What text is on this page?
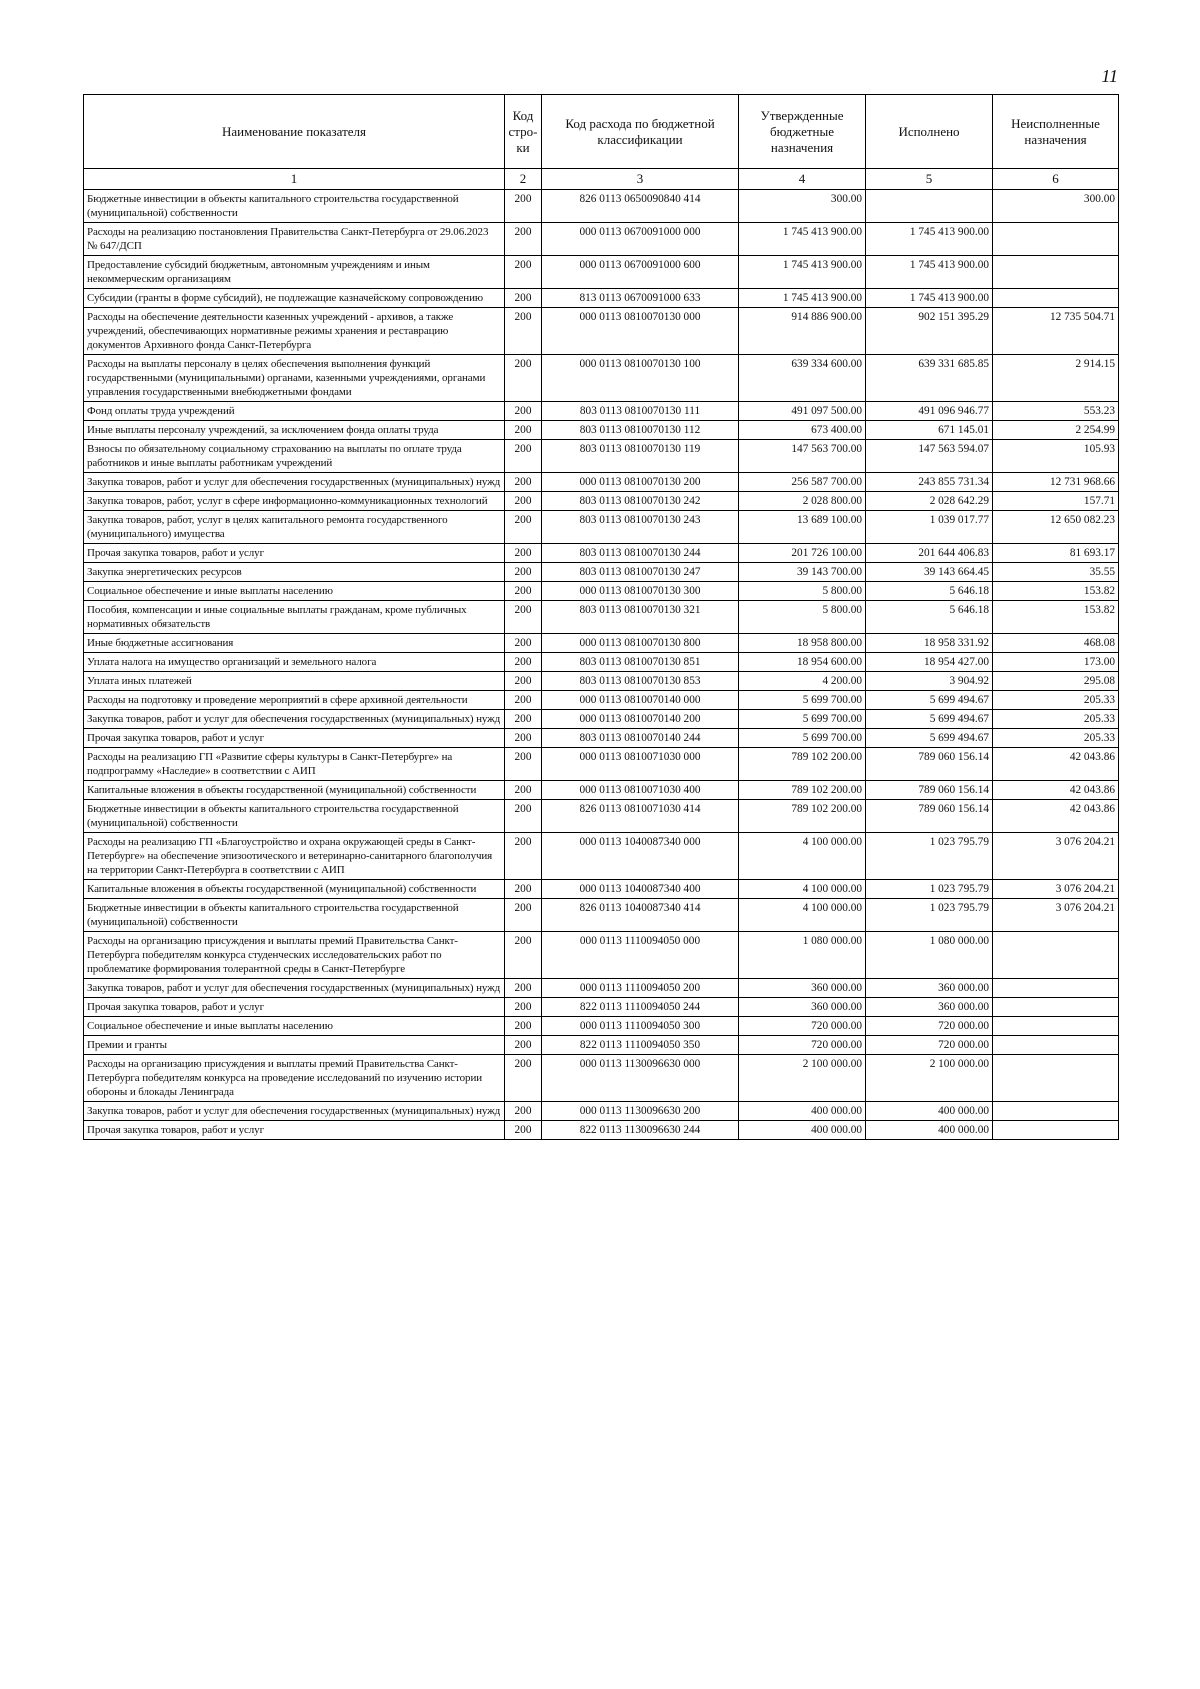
11
Наименование показателя	Код стро-ки	Код расхода по бюджетной классификации	Утвержденные бюджетные назначения	Исполнено	Неисполненные назначения
1	2	3	4	5	6
Бюджетные инвестиции в объекты капитального строительства государственной (муниципальной) собственности	200	826 0113 0650090840 414	300.00		300.00
Расходы на реализацию постановления Правительства Санкт-Петербурга от 29.06.2023 № 647/ДСП	200	000 0113 0670091000 000	1 745 413 900.00	1 745 413 900.00	
Предоставление субсидий бюджетным, автономным учреждениям и иным некоммерческим организациям	200	000 0113 0670091000 600	1 745 413 900.00	1 745 413 900.00	
Субсидии (гранты в форме субсидий), не подлежащие казначейскому сопровождению	200	813 0113 0670091000 633	1 745 413 900.00	1 745 413 900.00	
Расходы на обеспечение деятельности казенных учреждений - архивов, а также учреждений, обеспечивающих нормативные режимы хранения и реставрацию документов Архивного фонда Санкт-Петербурга	200	000 0113 0810070130 000	914 886 900.00	902 151 395.29	12 735 504.71
Расходы на выплаты персоналу в целях обеспечения выполнения функций государственными (муниципальными) органами, казенными учреждениями, органами управления государственными внебюджетными фондами	200	000 0113 0810070130 100	639 334 600.00	639 331 685.85	2 914.15
Фонд оплаты труда учреждений	200	803 0113 0810070130 111	491 097 500.00	491 096 946.77	553.23
Иные выплаты персоналу учреждений, за исключением фонда оплаты труда	200	803 0113 0810070130 112	673 400.00	671 145.01	2 254.99
Взносы по обязательному социальному страхованию на выплаты по оплате труда работников и иные выплаты работникам учреждений	200	803 0113 0810070130 119	147 563 700.00	147 563 594.07	105.93
Закупка товаров, работ и услуг для обеспечения государственных (муниципальных) нужд	200	000 0113 0810070130 200	256 587 700.00	243 855 731.34	12 731 968.66
Закупка товаров, работ, услуг в сфере информационно-коммуникационных технологий	200	803 0113 0810070130 242	2 028 800.00	2 028 642.29	157.71
Закупка товаров, работ, услуг в целях капитального ремонта государственного (муниципального) имущества	200	803 0113 0810070130 243	13 689 100.00	1 039 017.77	12 650 082.23
Прочая закупка товаров, работ и услуг	200	803 0113 0810070130 244	201 726 100.00	201 644 406.83	81 693.17
Закупка энергетических ресурсов	200	803 0113 0810070130 247	39 143 700.00	39 143 664.45	35.55
Социальное обеспечение и иные выплаты населению	200	000 0113 0810070130 300	5 800.00	5 646.18	153.82
Пособия, компенсации и иные социальные выплаты гражданам, кроме публичных нормативных обязательств	200	803 0113 0810070130 321	5 800.00	5 646.18	153.82
Иные бюджетные ассигнования	200	000 0113 0810070130 800	18 958 800.00	18 958 331.92	468.08
Уплата налога на имущество организаций и земельного налога	200	803 0113 0810070130 851	18 954 600.00	18 954 427.00	173.00
Уплата иных платежей	200	803 0113 0810070130 853	4 200.00	3 904.92	295.08
Расходы на подготовку и проведение мероприятий в сфере архивной деятельности	200	000 0113 0810070140 000	5 699 700.00	5 699 494.67	205.33
Закупка товаров, работ и услуг для обеспечения государственных (муниципальных) нужд	200	000 0113 0810070140 200	5 699 700.00	5 699 494.67	205.33
Прочая закупка товаров, работ и услуг	200	803 0113 0810070140 244	5 699 700.00	5 699 494.67	205.33
Расходы на реализацию ГП «Развитие сферы культуры в Санкт-Петербурге» на подпрограмму «Наследие» в соответствии с АИП	200	000 0113 0810071030 000	789 102 200.00	789 060 156.14	42 043.86
Капитальные вложения в объекты государственной (муниципальной) собственности	200	000 0113 0810071030 400	789 102 200.00	789 060 156.14	42 043.86
Бюджетные инвестиции в объекты капитального строительства государственной (муниципальной) собственности	200	826 0113 0810071030 414	789 102 200.00	789 060 156.14	42 043.86
Расходы на реализацию ГП «Благоустройство и охрана окружающей среды в Санкт-Петербурге» на обеспечение эпизоотического и ветеринарно-санитарного благополучия на территории Санкт-Петербурга в соответствии с АИП	200	000 0113 1040087340 000	4 100 000.00	1 023 795.79	3 076 204.21
Капитальные вложения в объекты государственной (муниципальной) собственности	200	000 0113 1040087340 400	4 100 000.00	1 023 795.79	3 076 204.21
Бюджетные инвестиции в объекты капитального строительства государственной (муниципальной) собственности	200	826 0113 1040087340 414	4 100 000.00	1 023 795.79	3 076 204.21
Расходы на организацию присуждения и выплаты премий Правительства Санкт-Петербурга победителям конкурса студенческих исследовательских работ по проблематике формирования толерантной среды в Санкт-Петербурге	200	000 0113 1110094050 000	1 080 000.00	1 080 000.00	
Закупка товаров, работ и услуг для обеспечения государственных (муниципальных) нужд	200	000 0113 1110094050 200	360 000.00	360 000.00	
Прочая закупка товаров, работ и услуг	200	822 0113 1110094050 244	360 000.00	360 000.00	
Социальное обеспечение и иные выплаты населению	200	000 0113 1110094050 300	720 000.00	720 000.00	
Премии и гранты	200	822 0113 1110094050 350	720 000.00	720 000.00	
Расходы на организацию присуждения и выплаты премий Правительства Санкт-Петербурга победителям конкурса на проведение исследований по изучению истории обороны и блокады Ленинграда	200	000 0113 1130096630 000	2 100 000.00	2 100 000.00	
Закупка товаров, работ и услуг для обеспечения государственных (муниципальных) нужд	200	000 0113 1130096630 200	400 000.00	400 000.00	
Прочая закупка товаров, работ и услуг	200	822 0113 1130096630 244	400 000.00	400 000.00	
